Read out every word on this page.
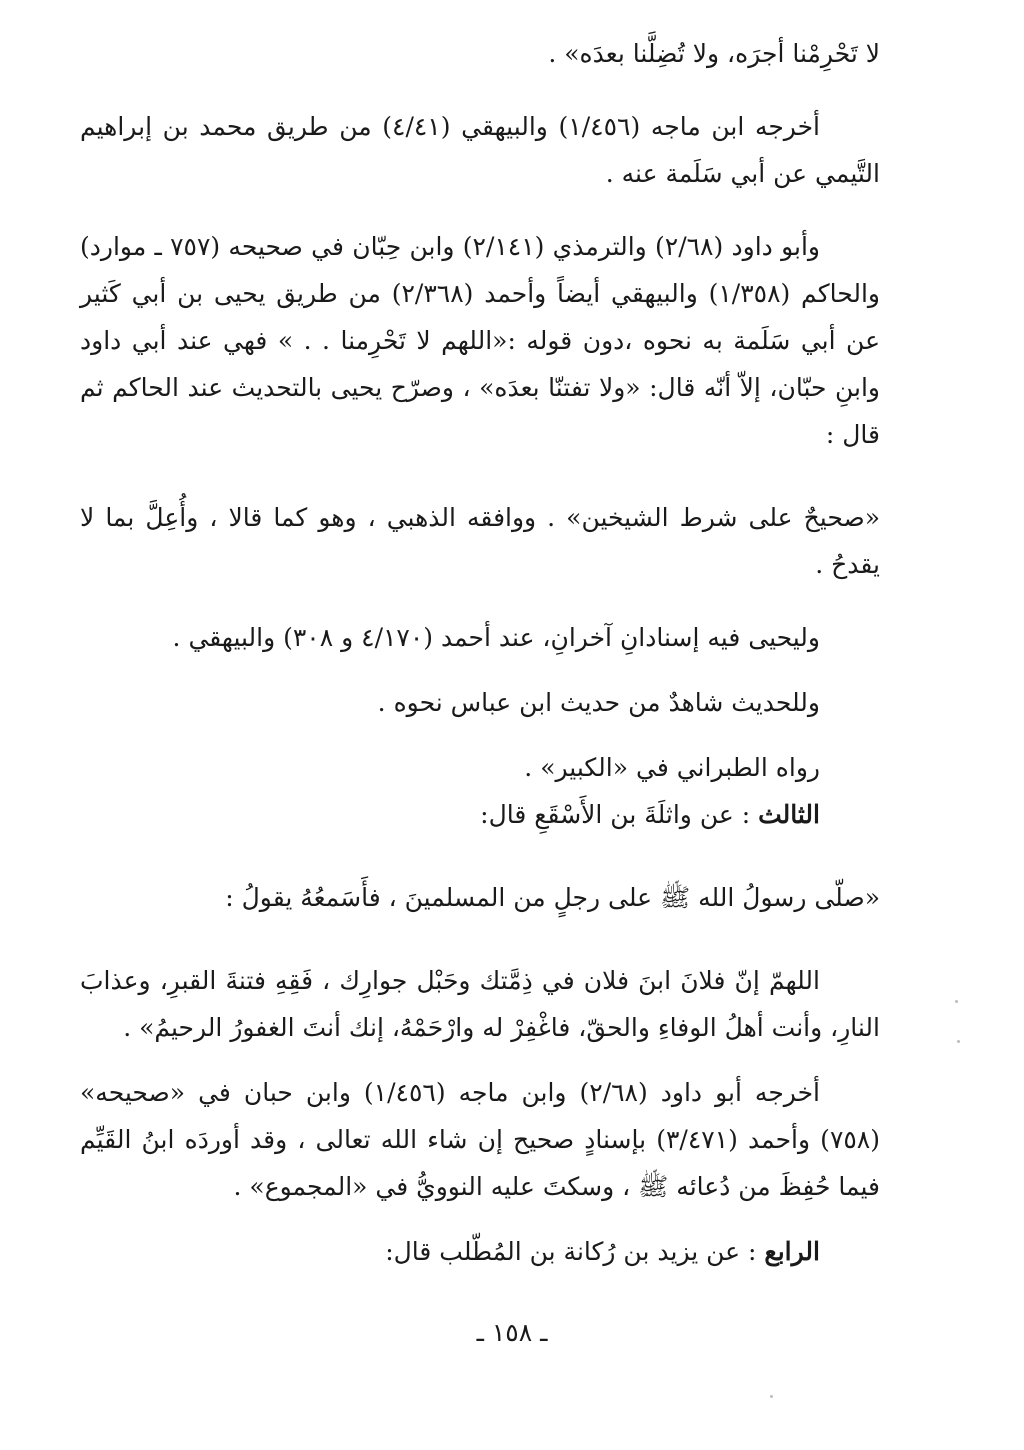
لا تَحْرِمْنا أجرَه، ولا تُضِلَّنا بعدَه» .

أخرجه ابن ماجه (١/٤٥٦) والبيهقي (٤/٤١) من طريق محمد بن إبراهيم التَّيمي عن أبي سَلَمة عنه .

وأبو داود (٢/٦٨) والترمذي (٢/١٤١) وابن حِبّان في صحيحه (٧٥٧ ـ موارد) والحاكم (١/٣٥٨) والبيهقي أيضاً وأحمد (٢/٣٦٨) من طريق يحيى بن أبي كَثير عن أبي سَلَمة به نحوه ،دون قوله :«اللهم لا تَحْرِمنا . . » فهي عند أبي داود وابنِ حبّان، إلاّ أنّه قال: «ولا تفتنّا بعدَه» ، وصرّح يحيى بالتحديث عند الحاكم ثم قال :

«صحيحٌ على شرط الشيخين» . ووافقه الذهبي ، وهو كما قالا ، وأُعِلَّ بما لا يقدحُ .

وليحيى فيه إسنادانِ آخرانِ، عند أحمد (٤/١٧٠ و ٣٠٨) والبيهقي .

وللحديث شاهدٌ من حديث ابن عباس نحوه .

رواه الطبراني في «الكبير» .

الثالث : عن واثلَةَ بن الأَسْقَعِ قال:

«صلّى رسولُ الله ﷺ على رجلٍ من المسلمينَ ، فأَسَمعُهُ يقولُ :

اللهمّ إنّ فلانَ ابنَ فلان في ذِمَّتك وحَبْل جوارِك ، فَقِهِ فتنةَ القبرِ، وعذابَ النارِ، وأنت أهلُ الوفاءِ والحقّ، فاغْفِرْ له وارْحَمْهُ، إنك أنتَ الغفورُ الرحيمُ» .

أخرجه أبو داود (٢/٦٨) وابن ماجه (١/٤٥٦) وابن حبان في «صحيحه» (٧٥٨) وأحمد (٣/٤٧١) بإسنادٍ صحيح إن شاء الله تعالى ، وقد أوردَه ابنُ القَيِّم فيما حُفِظَ من دُعائه ﷺ ، وسكتَ عليه النوويُّ في «المجموع» .

الرابع : عن يزيد بن رُكانة بن المُطّلب قال:

ـ ١٥٨ ـ
